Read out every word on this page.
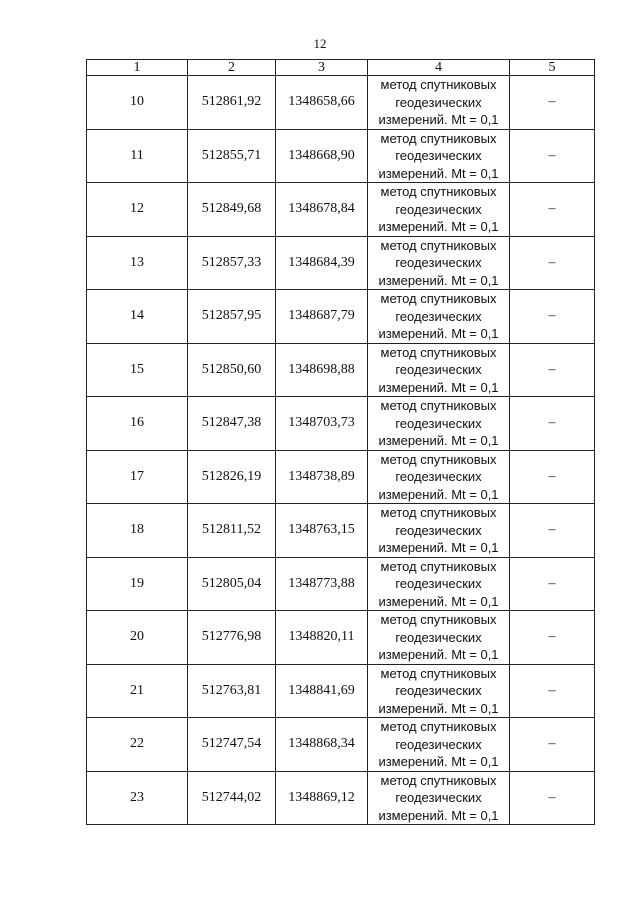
12
1	2	3	4	5
10	512861,92	1348658,66	метод спутниковых
геодезических
измерений. Mt = 0,1	–
11	512855,71	1348668,90	метод спутниковых
геодезических
измерений. Mt = 0,1	–
12	512849,68	1348678,84	метод спутниковых
геодезических
измерений. Mt = 0,1	–
13	512857,33	1348684,39	метод спутниковых
геодезических
измерений. Mt = 0,1	–
14	512857,95	1348687,79	метод спутниковых
геодезических
измерений. Mt = 0,1	–
15	512850,60	1348698,88	метод спутниковых
геодезических
измерений. Mt = 0,1	–
16	512847,38	1348703,73	метод спутниковых
геодезических
измерений. Mt = 0,1	–
17	512826,19	1348738,89	метод спутниковых
геодезических
измерений. Mt = 0,1	–
18	512811,52	1348763,15	метод спутниковых
геодезических
измерений. Mt = 0,1	–
19	512805,04	1348773,88	метод спутниковых
геодезических
измерений. Mt = 0,1	–
20	512776,98	1348820,11	метод спутниковых
геодезических
измерений. Mt = 0,1	–
21	512763,81	1348841,69	метод спутниковых
геодезических
измерений. Mt = 0,1	–
22	512747,54	1348868,34	метод спутниковых
геодезических
измерений. Mt = 0,1	–
23	512744,02	1348869,12	метод спутниковых
геодезических
измерений. Mt = 0,1	–
